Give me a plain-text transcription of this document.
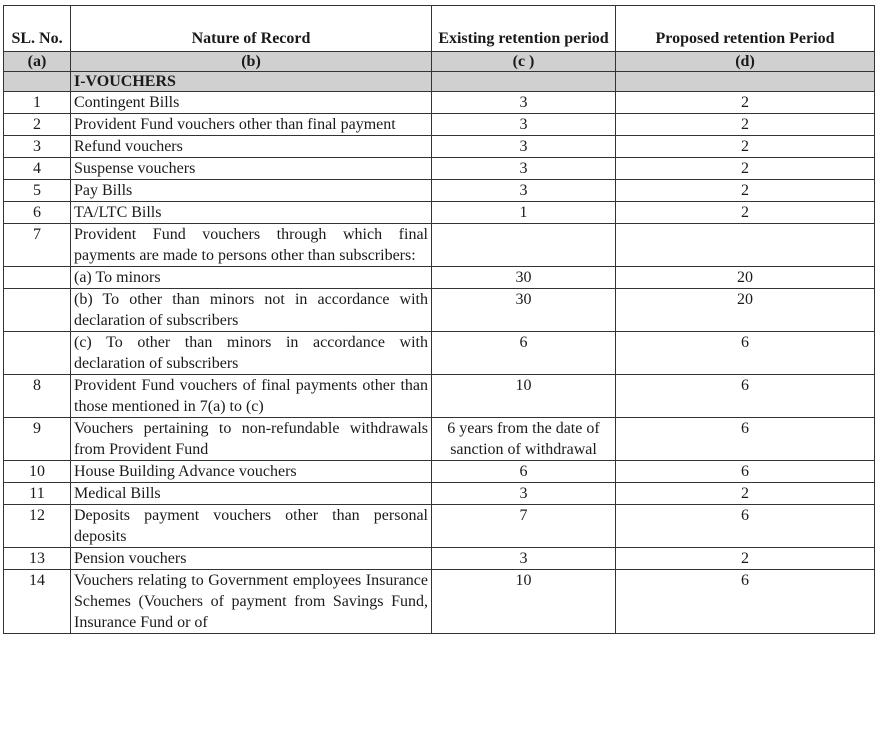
SL. No.	Nature of Record	Existing retention period	Proposed retention Period
(a)	(b)	(c )	(d)
	I-VOUCHERS		
1	Contingent Bills	3	2
2	Provident Fund vouchers other than final payment	3	2
3	Refund vouchers	3	2
4	Suspense vouchers	3	2
5	Pay Bills	3	2
6	TA/LTC Bills	1	2
7	Provident Fund vouchers through which final payments are made to persons other than subscribers:		
	(a) To minors	30	20
	(b) To other than minors not in accordance with declaration of subscribers	30	20
	(c) To other than minors in accordance with declaration of subscribers	6	6
8	Provident Fund vouchers of final payments other than those mentioned in 7(a) to (c)	10	6
9	Vouchers pertaining to non-refundable withdrawals from Provident Fund	6 years from the date of sanction of withdrawal	6
10	House Building Advance vouchers	6	6
11	Medical Bills	3	2
12	Deposits payment vouchers other than personal deposits	7	6
13	Pension vouchers	3	2
14	Vouchers relating to Government employees Insurance Schemes (Vouchers of payment from Savings Fund, Insurance Fund or of	10	6
